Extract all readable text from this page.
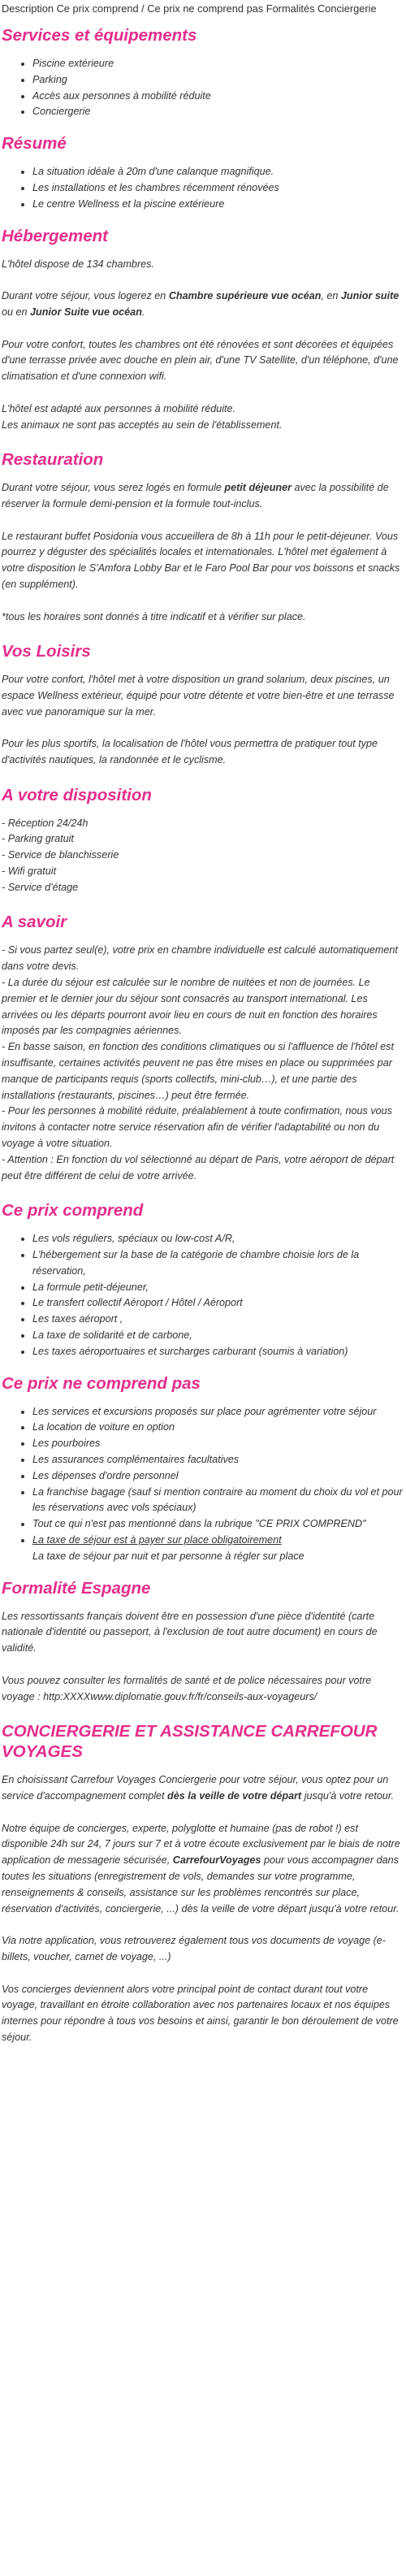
Description Ce prix comprend / Ce prix ne comprend pas Formalités Conciergerie
Services et équipements
• Piscine extérieure
• Parking
• Accès aux personnes à mobilité réduite
• Conciergerie
Résumé
• La situation idéale à 20m d'une calanque magnifique.
• Les installations et les chambres récemment rénovées
• Le centre Wellness et la piscine extérieure
Hébergement

L'hôtel dispose de 134 chambres.

Durant votre séjour, vous logerez en Chambre supérieure vue océan, en Junior suite ou en Junior Suite vue océan.

Pour votre confort, toutes les chambres ont été rénovées et sont décorées et équipées d'une terrasse privée avec douche en plein air, d'une TV Satellite, d'un téléphone, d'une climatisation et d'une connexion wifi.

L'hôtel est adapté aux personnes à mobilité réduite.
Les animaux ne sont pas acceptés au sein de l'établissement.

Restauration

Durant votre séjour, vous serez logés en formule petit déjeuner avec la possibilité de réserver la formule demi-pension et la formule tout-inclus.

Le restaurant buffet Posidonia vous accueillera de 8h à 11h pour le petit-déjeuner. Vous pourrez y déguster des spécialités locales et internationales. L'hôtel met également à votre disposition le S'Amfora Lobby Bar et le Faro Pool Bar pour vos boissons et snacks (en supplément).

*tous les horaires sont donnés à titre indicatif et à vérifier sur place.

Vos Loisirs

Pour votre confort, l'hôtel met à votre disposition un grand solarium, deux piscines, un espace Wellness extérieur, équipé pour votre détente et votre bien-être et une terrasse avec vue panoramique sur la mer.

Pour les plus sportifs, la localisation de l'hôtel vous permettra de pratiquer tout type d'activités nautiques, la randonnée et le cyclisme.

A votre disposition

- Réception 24/24h
- Parking gratuit
- Service de blanchisserie
- Wifi gratuit
- Service d'étage

A savoir

- Si vous partez seul(e), votre prix en chambre individuelle est calculé automatiquement dans votre devis.
- La durée du séjour est calculée sur le nombre de nuitées et non de journées. Le premier et le dernier jour du séjour sont consacrés au transport international. Les arrivées ou les départs pourront avoir lieu en cours de nuit en fonction des horaires imposés par les compagnies aériennes.
- En basse saison, en fonction des conditions climatiques ou si l'affluence de l'hôtel est insuffisante, certaines activités peuvent ne pas être mises en place ou supprimées par manque de participants requis (sports collectifs, mini-club…), et une partie des installations (restaurants, piscines…) peut être fermée.
- Pour les personnes à mobilité réduite, préalablement à toute confirmation, nous vous invitons à contacter notre service réservation afin de vérifier l'adaptabilité ou non du voyage à votre situation.
- Attention : En fonction du vol sélectionné au départ de Paris, votre aéroport de départ peut être différent de celui de votre arrivée.

Ce prix comprend
• Les vols réguliers, spéciaux ou low-cost A/R,
• L'hébergement sur la base de la catégorie de chambre choisie lors de la réservation,
• La formule petit-déjeuner,
• Le transfert collectif Aéroport / Hôtel / Aéroport
• Les taxes aéroport ,
• La taxe de solidarité et de carbone,
• Les taxes aéroportuaires et surcharges carburant (soumis à variation)
Ce prix ne comprend pas
• Les services et excursions proposés sur place pour agrémenter votre séjour
• La location de voiture en option
• Les pourboires
• Les assurances complémentaires facultatives
• Les dépenses d'ordre personnel
• La franchise bagage (sauf si mention contraire au moment du choix du vol et pour les réservations avec vols spéciaux)
• Tout ce qui n'est pas mentionné dans la rubrique "CE PRIX COMPREND"
• La taxe de séjour est à payer sur place obligatoirement
La taxe de séjour par nuit et par personne à régler sur place
Formalité Espagne

Les ressortissants français doivent être en possession d'une pièce d'identité (carte nationale d'identité ou passeport, à l'exclusion de tout autre document) en cours de validité.

Vous pouvez consulter les formalités de santé et de police nécessaires pour votre voyage : http:XXXXwww.diplomatie.gouv.fr/fr/conseils-aux-voyageurs/

CONCIERGERIE ET ASSISTANCE CARREFOUR VOYAGES

En choisissant Carrefour Voyages Conciergerie pour votre séjour, vous optez pour un service d'accompagnement complet dès la veille de votre départ jusqu'à votre retour.

Notre équipe de concierges, experte, polyglotte et humaine (pas de robot !) est disponible 24h sur 24, 7 jours sur 7 et à votre écoute exclusivement par le biais de notre application de messagerie sécurisée, CarrefourVoyages pour vous accompagner dans toutes les situations (enregistrement de vols, demandes sur votre programme, renseignements & conseils, assistance sur les problèmes rencontrés sur place, réservation d'activités, conciergerie, ...) dès la veille de votre départ jusqu'à votre retour.

Via notre application, vous retrouverez également tous vos documents de voyage (e-billets, voucher, carnet de voyage, ...)

Vos concierges deviennent alors votre principal point de contact durant tout votre voyage, travaillant en étroite collaboration avec nos partenaires locaux et nos équipes internes pour répondre à tous vos besoins et ainsi, garantir le bon déroulement de votre séjour.
